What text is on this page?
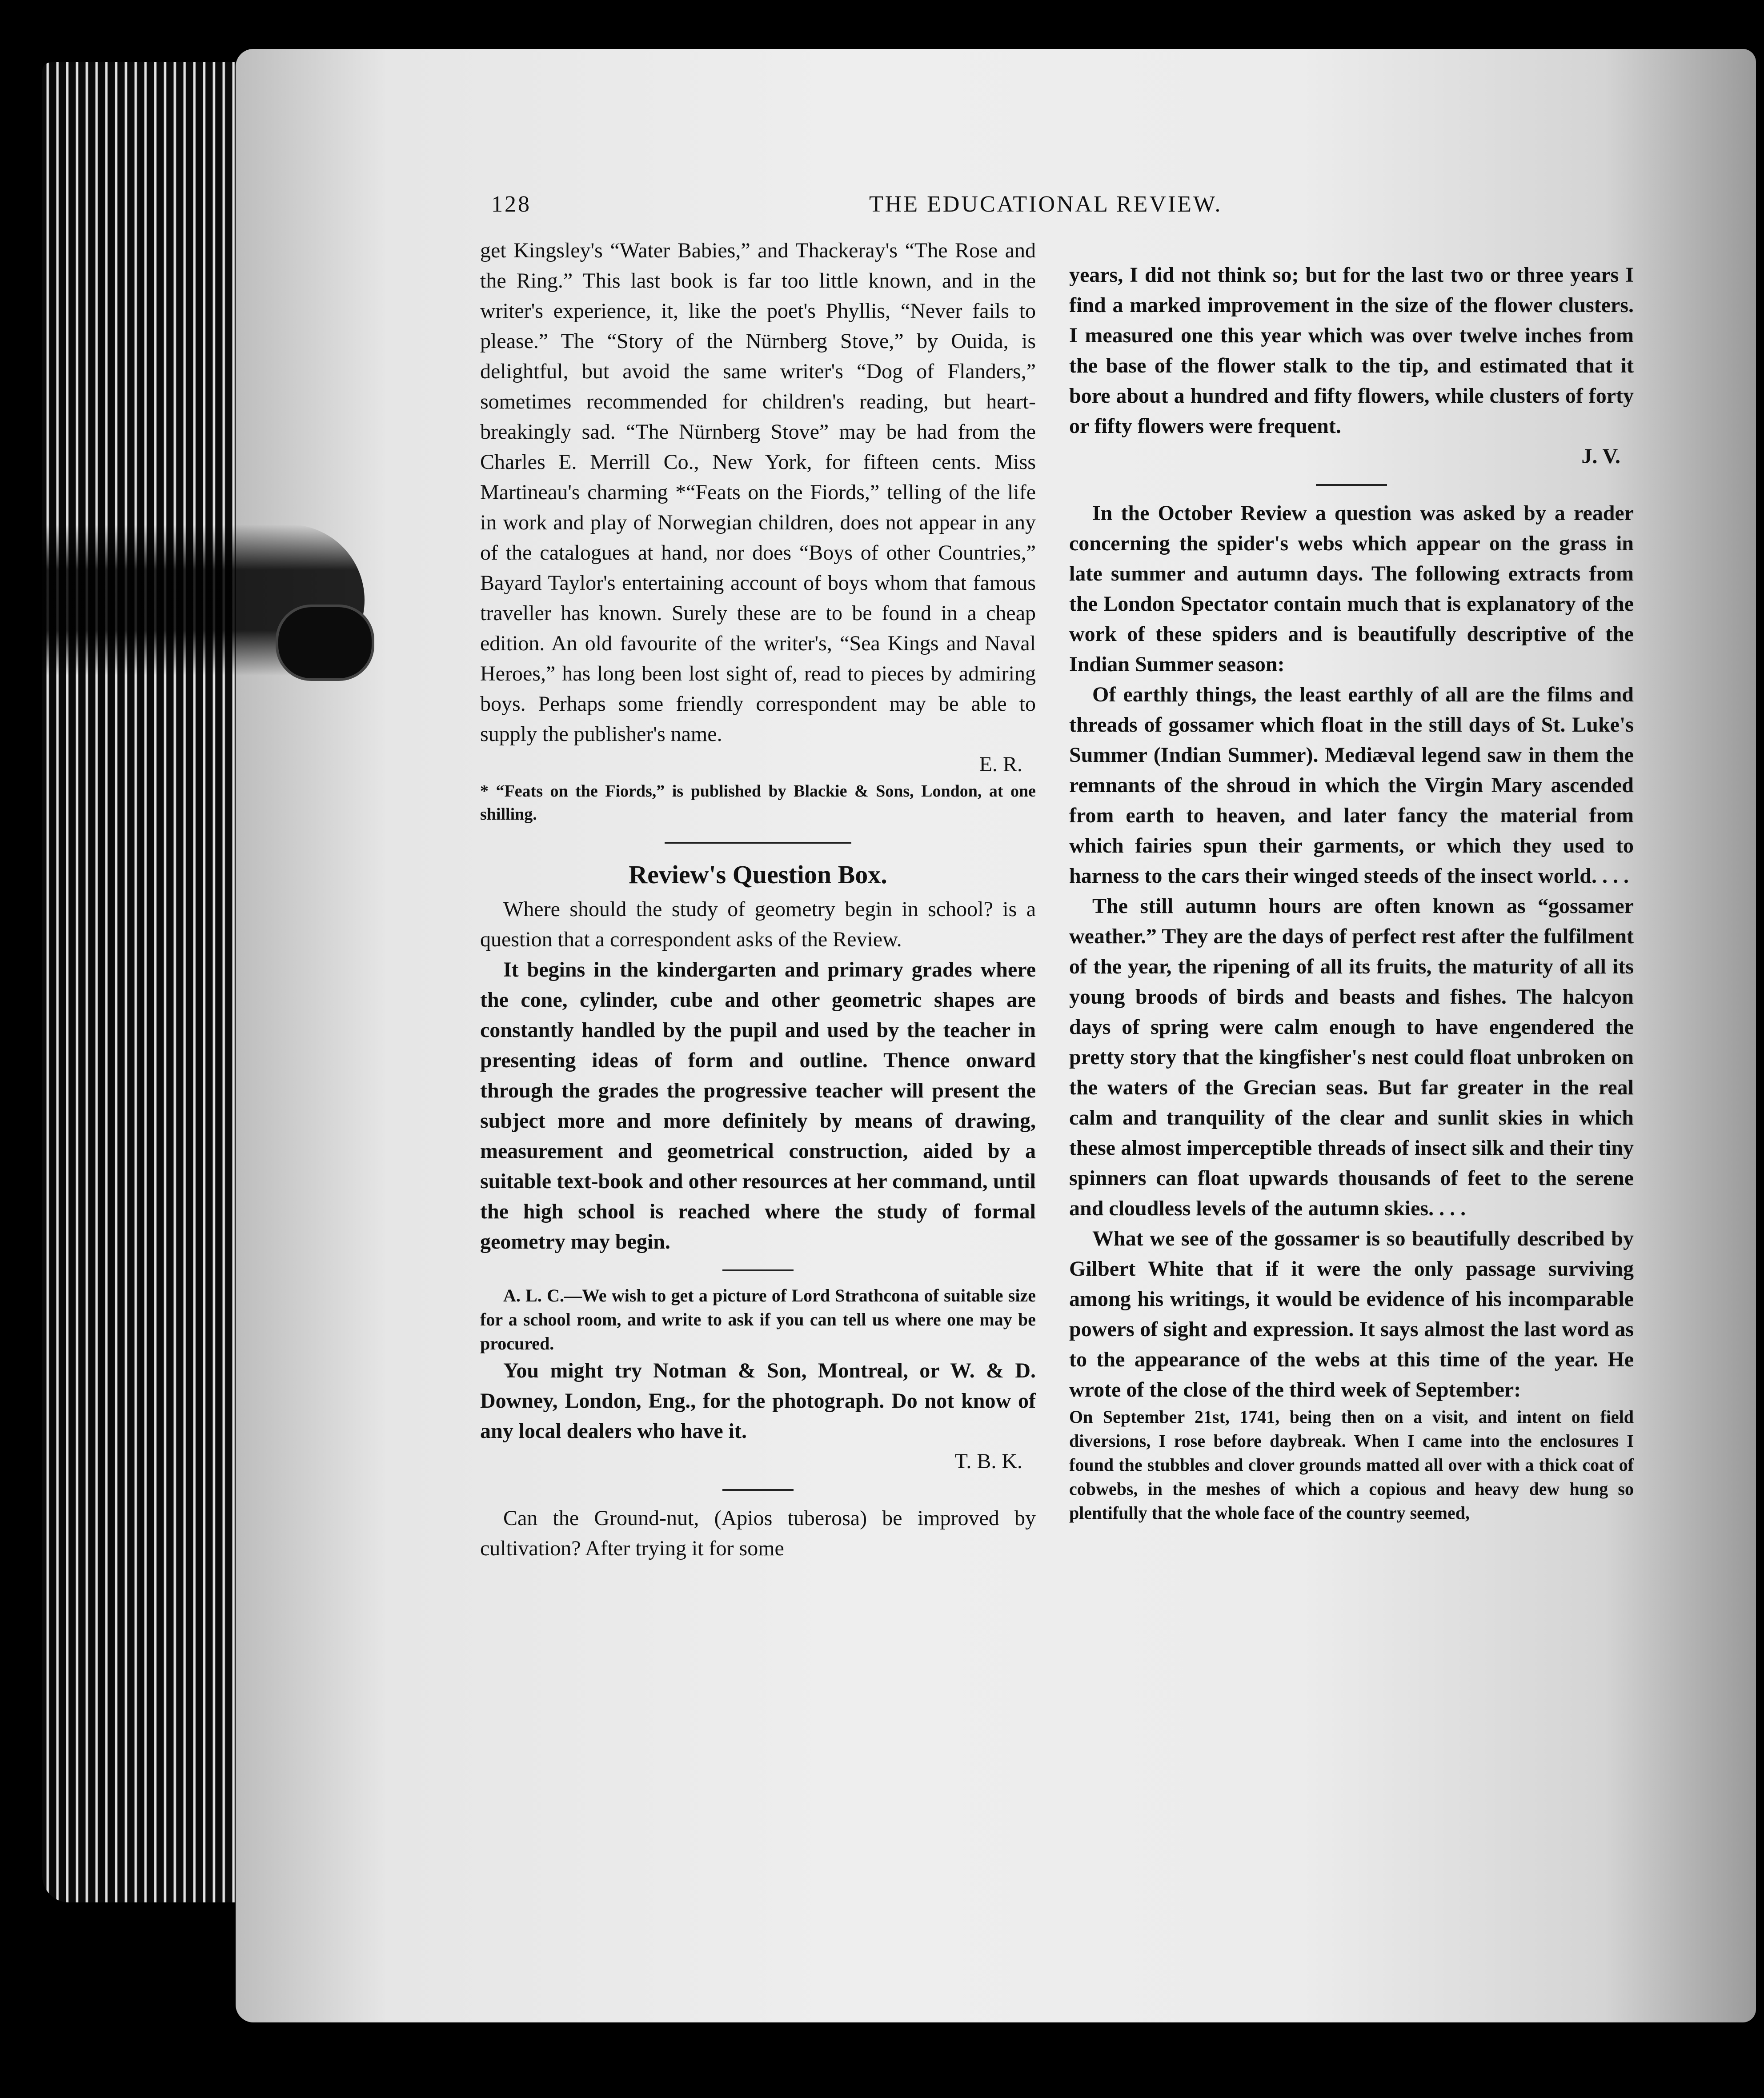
128	THE EDUCATIONAL REVIEW.

get Kingsley's “Water Babies,” and Thackeray's “The Rose and the Ring.” This last book is far too little known, and in the writer's experience, it, like the poet's Phyllis, “Never fails to please.” The “Story of the Nürnberg Stove,” by Ouida, is delightful, but avoid the same writer's “Dog of Flanders,” sometimes recommended for children's reading, but heart-breakingly sad. “The Nürnberg Stove” may be had from the Charles E. Merrill Co., New York, for fifteen cents. Miss Martineau's charming *“Feats on the Fiords,” telling of the life in work and play of Norwegian children, does not appear in any of the catalogues at hand, nor does “Boys of other Countries,” Bayard Taylor's entertaining account of boys whom that famous traveller has known. Surely these are to be found in a cheap edition. An old favourite of the writer's, “Sea Kings and Naval Heroes,” has long been lost sight of, read to pieces by admiring boys. Perhaps some friendly correspondent may be able to supply the publisher's name.

E. R.

* “Feats on the Fiords,” is published by Blackie & Sons, London, at one shilling.

Review's Question Box.

Where should the study of geometry begin in school? is a question that a correspondent asks of the Review.

It begins in the kindergarten and primary grades where the cone, cylinder, cube and other geometric shapes are constantly handled by the pupil and used by the teacher in presenting ideas of form and outline. Thence onward through the grades the progressive teacher will present the subject more and more definitely by means of drawing, measurement and geometrical construction, aided by a suitable text-book and other resources at her command, until the high school is reached where the study of formal geometry may begin.

A. L. C.—We wish to get a picture of Lord Strathcona of suitable size for a school room, and write to ask if you can tell us where one may be procured.

You might try Notman & Son, Montreal, or W. & D. Downey, London, Eng., for the photograph. Do not know of any local dealers who have it.

T. B. K.

Can the Ground-nut, (Apios tuberosa) be improved by cultivation? After trying it for some

years, I did not think so; but for the last two or three years I find a marked improvement in the size of the flower clusters. I measured one this year which was over twelve inches from the base of the flower stalk to the tip, and estimated that it bore about a hundred and fifty flowers, while clusters of forty or fifty flowers were frequent.

J. V.

In the October Review a question was asked by a reader concerning the spider's webs which appear on the grass in late summer and autumn days. The following extracts from the London Spectator contain much that is explanatory of the work of these spiders and is beautifully descriptive of the Indian Summer season:

Of earthly things, the least earthly of all are the films and threads of gossamer which float in the still days of St. Luke's Summer (Indian Summer). Mediæval legend saw in them the remnants of the shroud in which the Virgin Mary ascended from earth to heaven, and later fancy the material from which fairies spun their garments, or which they used to harness to the cars their winged steeds of the insect world. . . .

The still autumn hours are often known as “gossamer weather.” They are the days of perfect rest after the fulfilment of the year, the ripening of all its fruits, the maturity of all its young broods of birds and beasts and fishes. The halcyon days of spring were calm enough to have engendered the pretty story that the kingfisher's nest could float unbroken on the waters of the Grecian seas. But far greater in the real calm and tranquility of the clear and sunlit skies in which these almost imperceptible threads of insect silk and their tiny spinners can float upwards thousands of feet to the serene and cloudless levels of the autumn skies. . . .

What we see of the gossamer is so beautifully described by Gilbert White that if it were the only passage surviving among his writings, it would be evidence of his incomparable powers of sight and expression. It says almost the last word as to the appearance of the webs at this time of the year. He wrote of the close of the third week of September:

On September 21st, 1741, being then on a visit, and intent on field diversions, I rose before daybreak. When I came into the enclosures I found the stubbles and clover grounds matted all over with a thick coat of cobwebs, in the meshes of which a copious and heavy dew hung so plentifully that the whole face of the country seemed,
